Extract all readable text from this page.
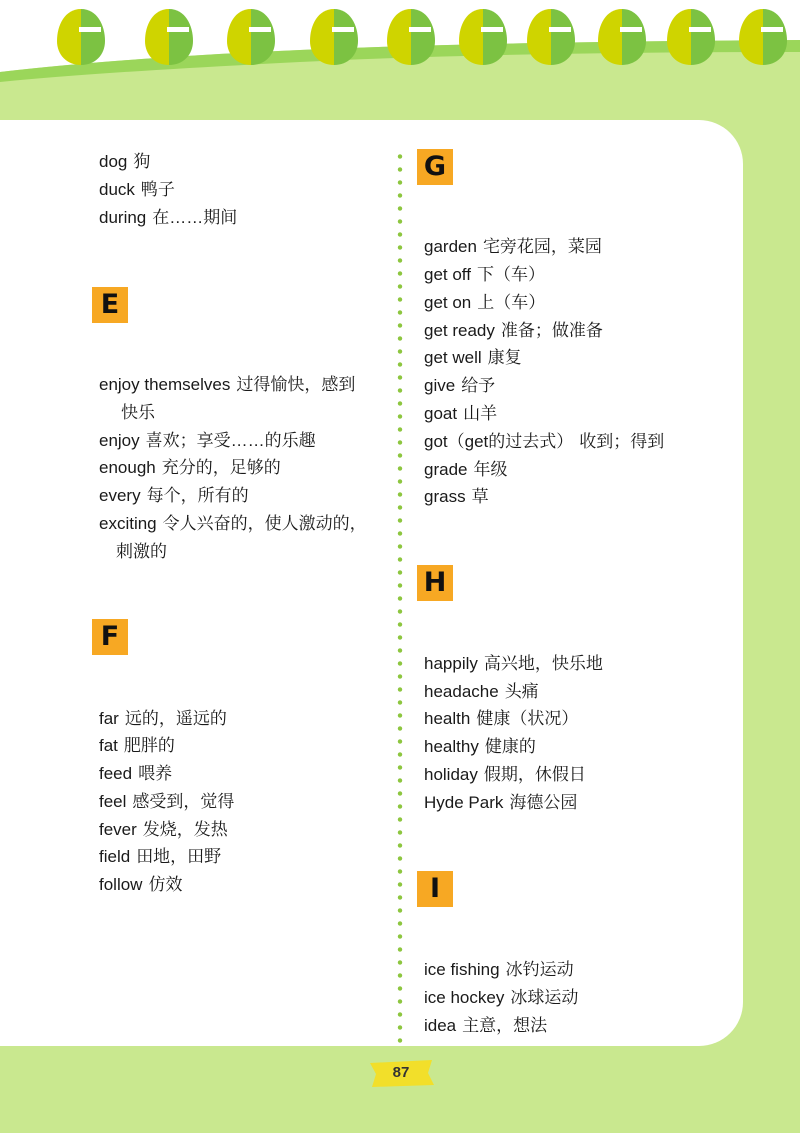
dog 狗
duck 鸭子
during 在……期间
E
enjoy themselves 过得愉快，感到
快乐
enjoy 喜欢；享受……的乐趣
enough 充分的，足够的
every 每个，所有的
exciting 令人兴奋的，使人激动的，
刺激的
F
far 远的，遥远的
fat 肥胖的
feed 喂养
feel 感受到，觉得
fever 发烧，发热
field 田地，田野
follow 仿效
G
garden 宅旁花园，菜园
get off 下（车）
get on 上（车）
get ready 准备；做准备
get well 康复
give 给予
goat 山羊
got（get的过去式） 收到；得到
grade 年级
grass 草
H
happily 高兴地，快乐地
headache 头痛
health 健康（状况）
healthy 健康的
holiday 假期，休假日
Hyde Park 海德公园
I
ice fishing 冰钓运动
ice hockey 冰球运动
idea 主意，想法
87
